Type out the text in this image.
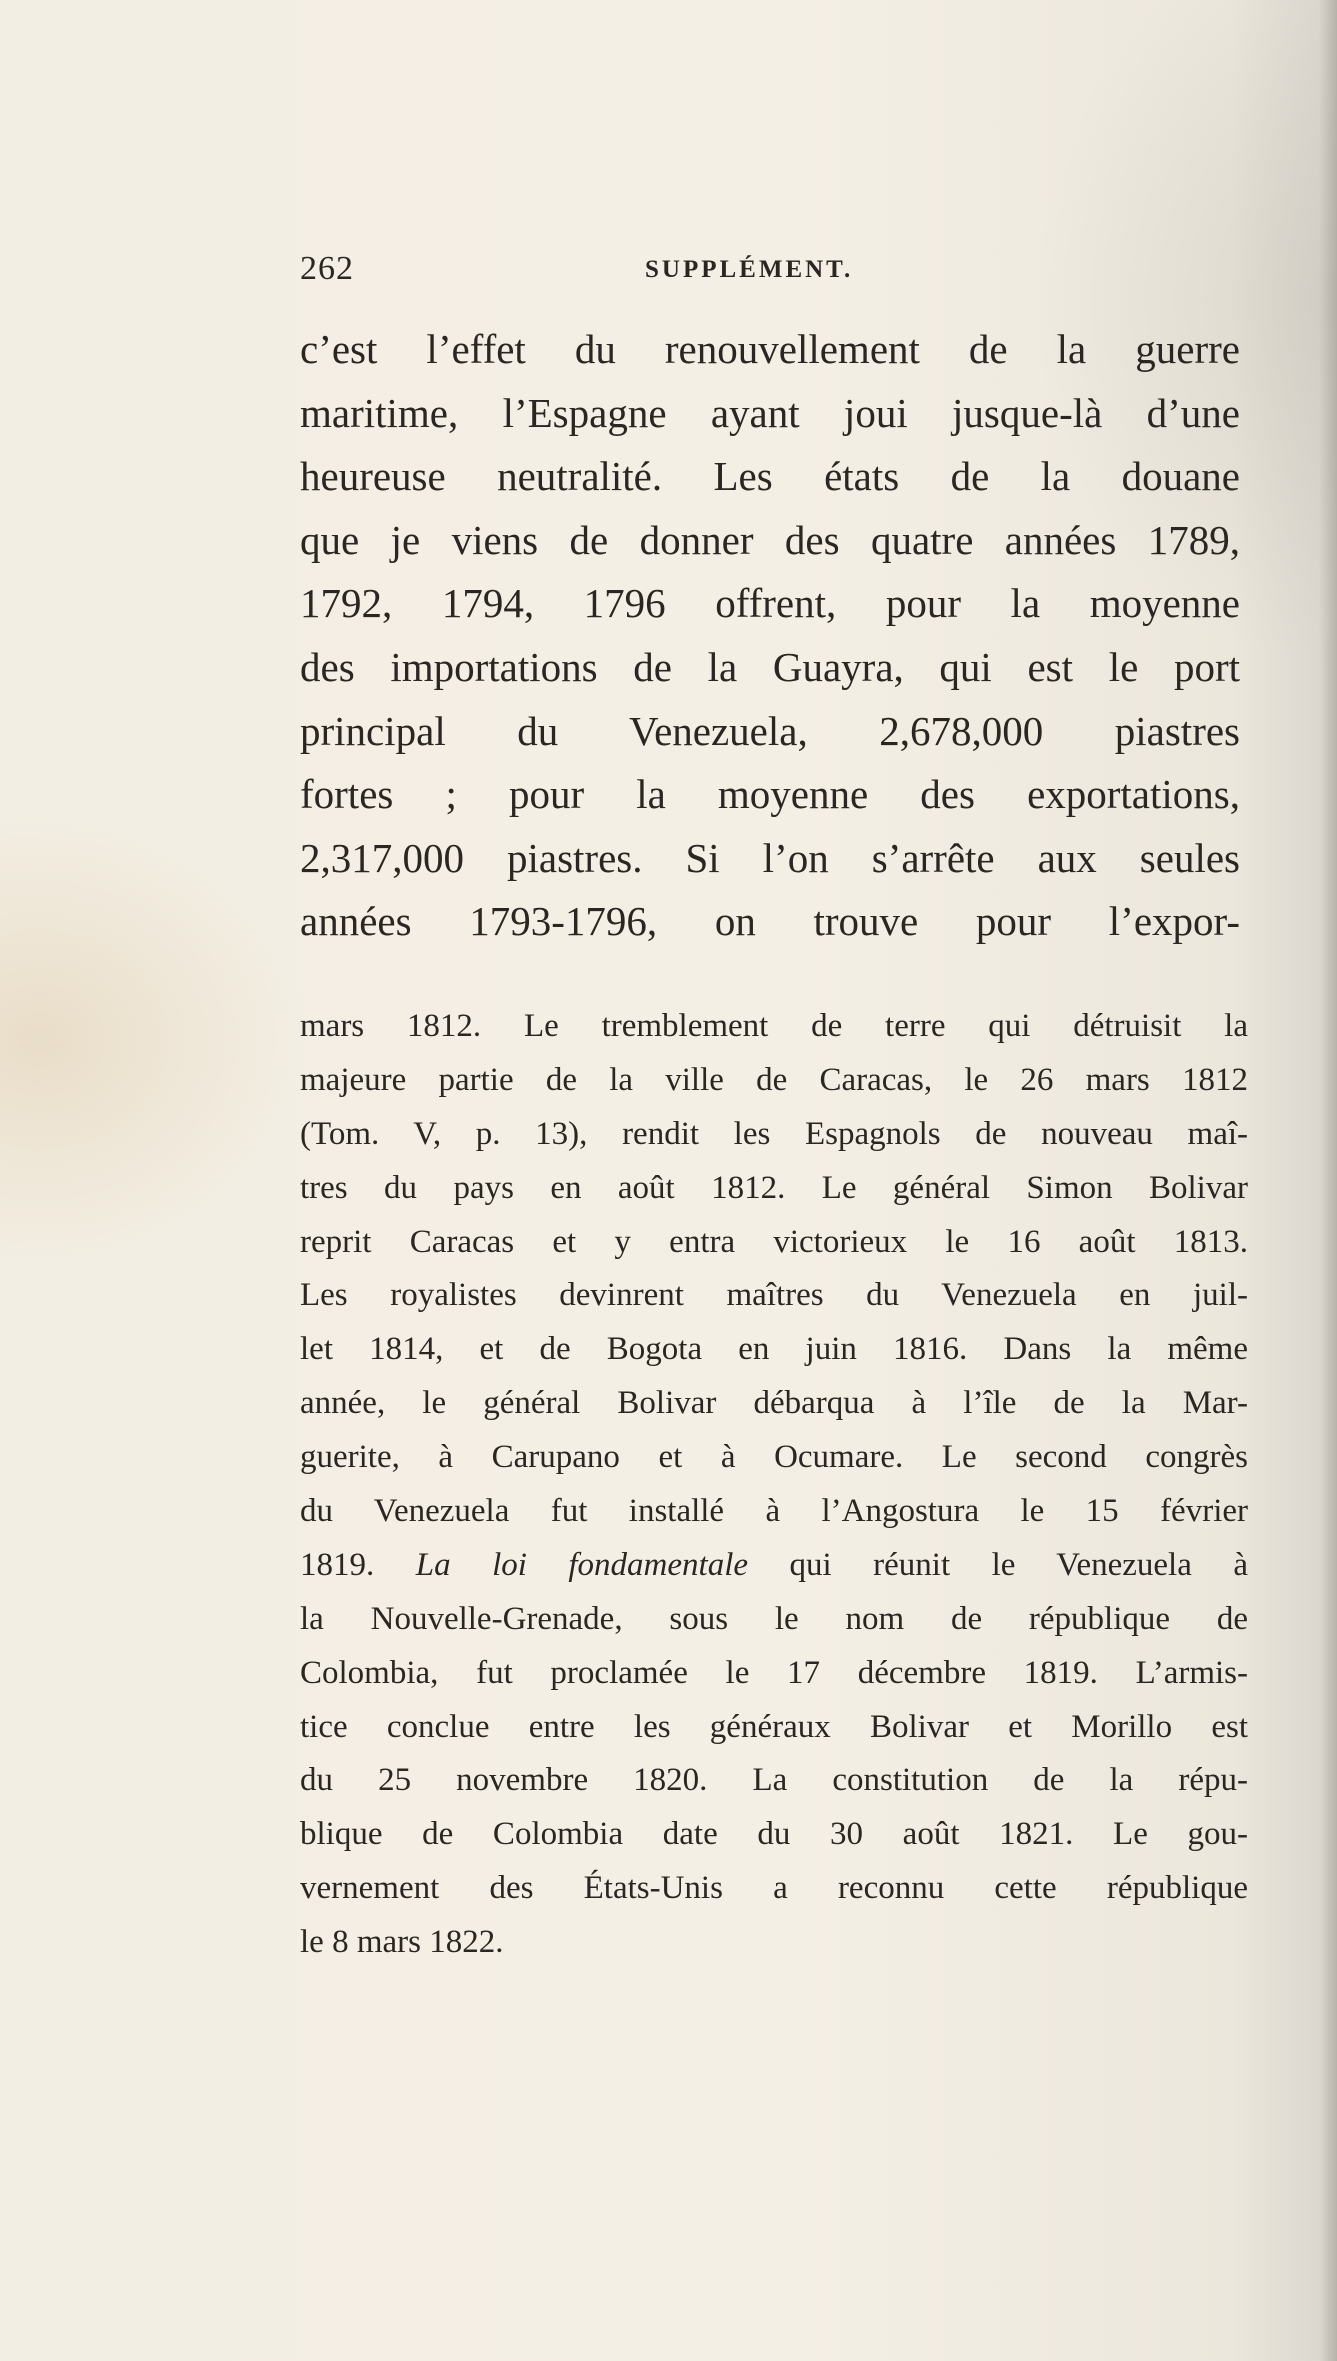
262	SUPPLÉMENT.
c’est l’effet du renouvellement de la guerre
maritime, l’Espagne ayant joui jusque-là d’une
heureuse neutralité. Les états de la douane
que je viens de donner des quatre années 1789,
1792, 1794, 1796 offrent, pour la moyenne
des importations de la Guayra, qui est le port
principal du Venezuela, 2,678,000 piastres
fortes ; pour la moyenne des exportations,
2,317,000 piastres. Si l’on s’arrête aux seules
années 1793-1796, on trouve pour l’expor-
mars 1812. Le tremblement de terre qui détruisit la
majeure partie de la ville de Caracas, le 26 mars 1812
(Tom. V, p. 13), rendit les Espagnols de nouveau maî-
tres du pays en août 1812. Le général Simon Bolivar
reprit Caracas et y entra victorieux le 16 août 1813.
Les royalistes devinrent maîtres du Venezuela en juil-
let 1814, et de Bogota en juin 1816. Dans la même
année, le général Bolivar débarqua à l’île de la Mar-
guerite, à Carupano et à Ocumare. Le second congrès
du Venezuela fut installé à l’Angostura le 15 février
1819. La loi fondamentale qui réunit le Venezuela à
la Nouvelle-Grenade, sous le nom de république de
Colombia, fut proclamée le 17 décembre 1819. L’armis-
tice conclue entre les généraux Bolivar et Morillo est
du 25 novembre 1820. La constitution de la répu-
blique de Colombia date du 30 août 1821. Le gou-
vernement des États-Unis a reconnu cette république
le 8 mars 1822.
